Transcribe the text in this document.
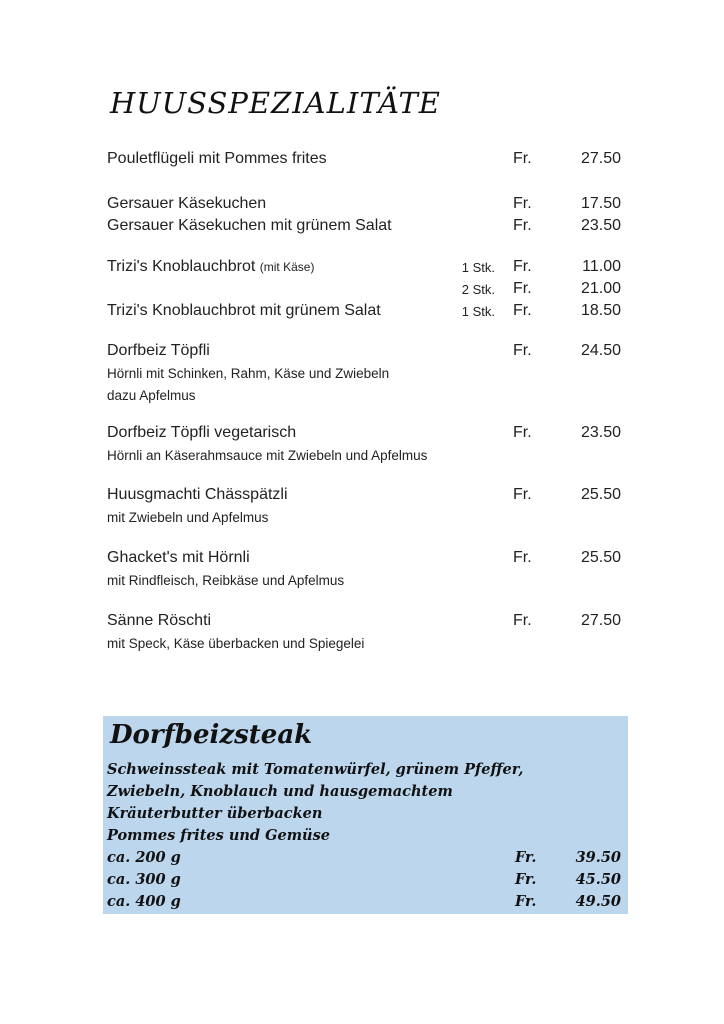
HUUSSPEZIALITÄTE
Pouletflügeli mit Pommes frites	Fr.	27.50
Gersauer Käsekuchen	Fr.	17.50
Gersauer Käsekuchen mit grünem Salat	Fr.	23.50
Trizi's Knoblauchbrot (mit Käse)	1 Stk. Fr.	11.00
2 Stk. Fr.	21.00
Trizi's Knoblauchbrot mit grünem Salat	1 Stk. Fr.	18.50
Dorfbeiz Töpfli	Fr.	24.50
Hörnli mit Schinken, Rahm, Käse und Zwiebeln
dazu Apfelmus
Dorfbeiz Töpfli vegetarisch	Fr.	23.50
Hörnli an Käserahmsauce mit Zwiebeln und Apfelmus
Huusgmachti Chässpätzli	Fr.	25.50
mit Zwiebeln und Apfelmus
Ghacket's mit Hörnli	Fr.	25.50
mit Rindfleisch, Reibkäse und Apfelmus
Sänne Röschti	Fr.	27.50
mit Speck, Käse überbacken und Spiegelei
Dorfbeizsteak
Schweinssteak mit Tomatenwürfel, grünem Pfeffer,
Zwiebeln, Knoblauch und hausgemachtem
Kräuterbutter überbacken
Pommes frites und Gemüse
ca. 200 g	Fr.	39.50
ca. 300 g	Fr.	45.50
ca. 400 g	Fr.	49.50
